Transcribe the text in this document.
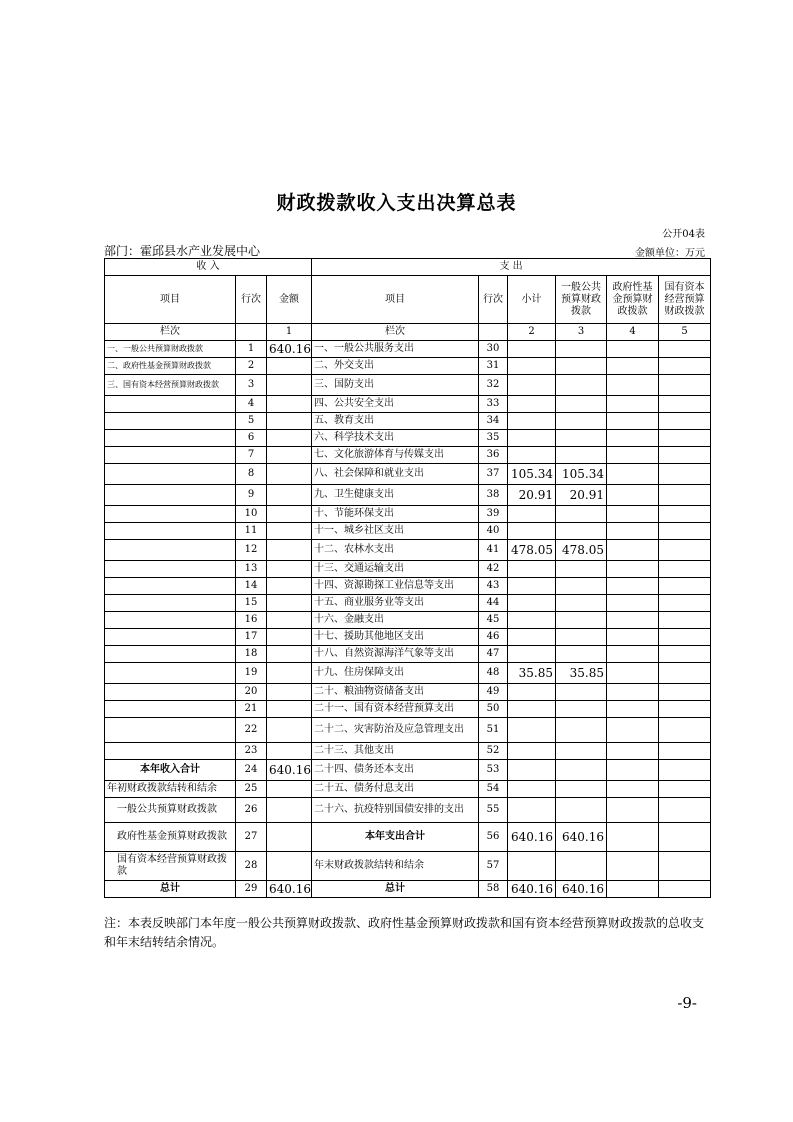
财政拨款收入支出决算总表
公开04表
部门：霍邱县水产业发展中心	金额单位：万元
收 入			支 出					
项目	行次	金额	项目	行次	小计	一般公共预算财政拨款	政府性基金预算财政拨款	国有资本经营预算财政拨款
栏次		1	栏次		2	3	4	5
一、一般公共预算财政拨款	1	640.16	一、一般公共服务支出	30				
二、政府性基金预算财政拨款	2		二、外交支出	31				
三、国有资本经营预算财政拨款	3		三、国防支出	32				
	4		四、公共安全支出	33				
	5		五、教育支出	34				
	6		六、科学技术支出	35				
	7		七、文化旅游体育与传媒支出	36				
	8		八、社会保障和就业支出	37	105.34	105.34		
	9		九、卫生健康支出	38	20.91	20.91		
	10		十、节能环保支出	39				
	11		十一、城乡社区支出	40				
	12		十二、农林水支出	41	478.05	478.05		
	13		十三、交通运输支出	42				
	14		十四、资源勘探工业信息等支出	43				
	15		十五、商业服务业等支出	44				
	16		十六、金融支出	45				
	17		十七、援助其他地区支出	46				
	18		十八、自然资源海洋气象等支出	47				
	19		十九、住房保障支出	48	35.85	35.85		
	20		二十、粮油物资储备支出	49				
	21		二十一、国有资本经营预算支出	50				
	22		二十二、灾害防治及应急管理支出	51				
	23		二十三、其他支出	52				
本年收入合计	24	640.16	二十四、债务还本支出	53				
年初财政拨款结转和结余	25		二十五、债务付息支出	54				
一般公共预算财政拨款	26		二十六、抗疫特别国债安排的支出	55				
政府性基金预算财政拨款	27		本年支出合计	56	640.16	640.16		
国有资本经营预算财政拨款	28		年末财政拨款结转和结余	57				
总计	29	640.16	总计	58	640.16	640.16		
注：本表反映部门本年度一般公共预算财政拨款、政府性基金预算财政拨款和国有资本经营预算财政拨款的总收支和年末结转结余情况。
-9-
